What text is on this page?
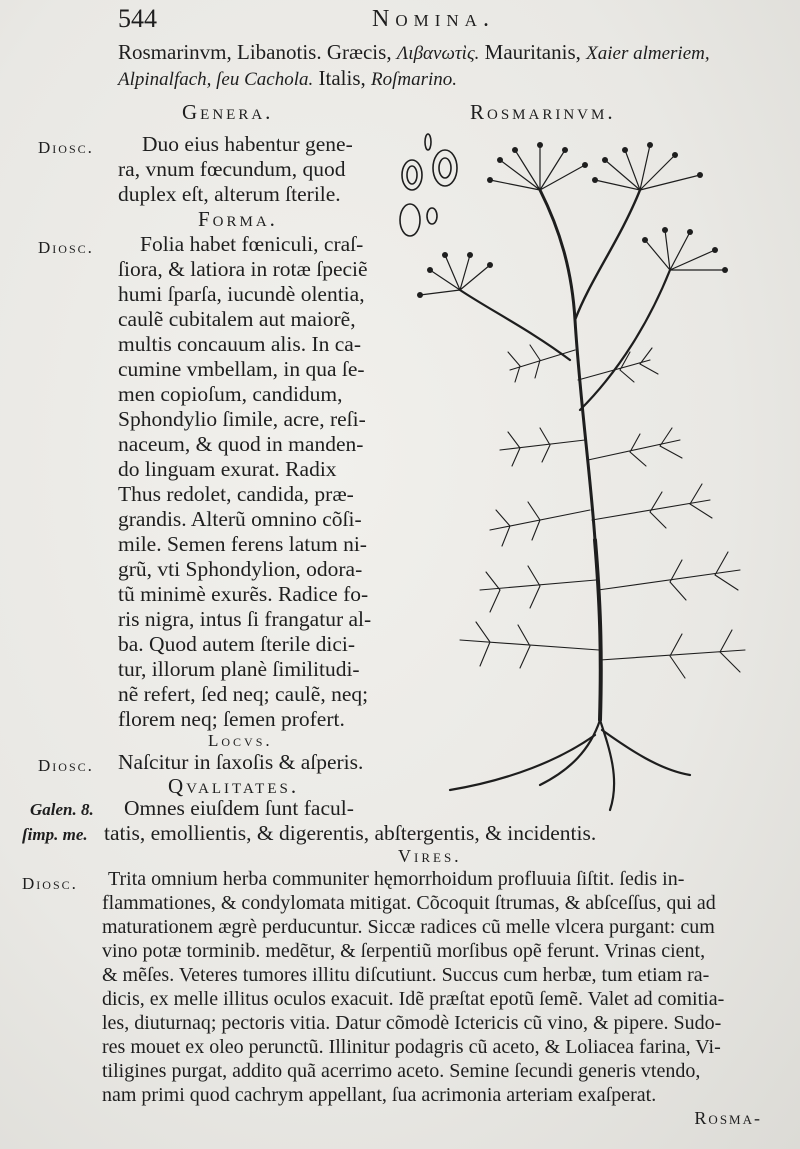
544	Nomina.
Rosmarinvm, Libanotis. Græcis, Λιβανωτὶς. Mauritanis, Xaier almeriem,
Alpinalfach, ſeu Cachola. Italis, Roſmarino.
Genera.	Rosmarinvm.
Diosc. Duo eius habentur gene-
ra, vnum fœcundum, quod
duplex eſt, alterum ſterile.
Forma.
Diosc. Folia habet fœniculi, craſ-
ſiora, & latiora in rotæ ſpeciẽ
humi ſparſa, iucundè olentia,
caulẽ cubitalem aut maiorẽ,
multis concauum alis. In ca-
cumine vmbellam, in qua ſe-
men copioſum, candidum,
Sphondylio ſimile, acre, reſi-
naceum, & quod in manden-
do linguam exurat. Radix
Thus redolet, candida, præ-
grandis. Alterũ omnino cõſi-
mile. Semen ferens latum ni-
grũ, vti Sphondylion, odora-
tũ minimè exurẽs. Radice fo-
ris nigra, intus ſi frangatur al-
ba. Quod autem ſterile dici-
tur, illorum planè ſimilitudi-
nẽ refert, ſed neq; caulẽ, neq;
florem neq; ſemen profert.
Locvs.
Diosc. Naſcitur in ſaxoſis & aſperis.
Qvalitates.
Galen. 8.
ſimp. me.
Omnes eiuſdem ſunt facul-
tatis, emollientis, & digerentis, abſtergentis, & incidentis.
Vires.
Diosc. Trita omnium herba communiter hęmorrhoidum profluuia ſiſtit. ſedis in-
flammationes, & condylomata mitigat. Cõcoquit ſtrumas, & abſceſſus, qui ad
maturationem ægrè perducuntur. Siccæ radices cũ melle vlcera purgant: cum
vino potæ torminib. medẽtur, & ſerpentiũ morſibus opẽ ferunt. Vrinas cient,
& mẽſes. Veteres tumores illitu diſcutiunt. Succus cum herbæ, tum etiam ra-
dicis, ex melle illitus oculos exacuit. Idẽ præſtat epotũ ſemẽ. Valet ad comitia-
les, diuturnaq; pectoris vitia. Datur cõmodè Ictericis cũ vino, & pipere. Sudo-
res mouet ex oleo perunctũ. Illinitur podagris cũ aceto, & Loliacea farina, Vi-
tiligines purgat, addito quã acerrimo aceto. Semine ſecundi generis vtendo,
nam primi quod cachrym appellant, ſua acrimonia arteriam exaſperat.
Rosma-
